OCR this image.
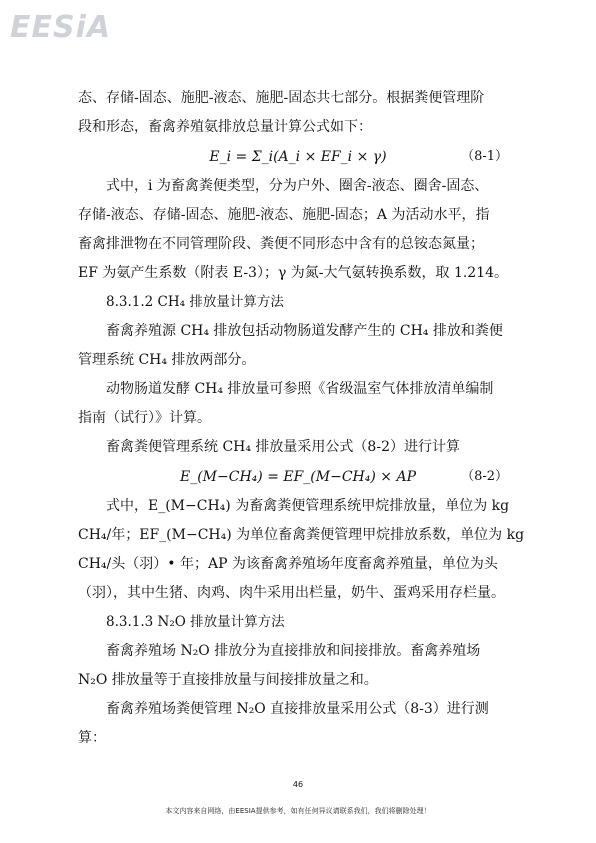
EESiA
态、存储-固态、施肥-液态、施肥-固态共七部分。根据粪便管理阶
段和形态，畜禽养殖氨排放总量计算公式如下：
E_i = Σ_i(A_i × EF_i × γ)	（8-1）
式中，i 为畜禽粪便类型，分为户外、圈舍-液态、圈舍-固态、
存储-液态、存储-固态、施肥-液态、施肥-固态；A 为活动水平，指
畜禽排泄物在不同管理阶段、粪便不同形态中含有的总铵态氮量；
EF 为氨产生系数（附表 E-3）；γ 为氮-大气氨转换系数，取 1.214。
8.3.1.2 CH₄ 排放量计算方法
畜禽养殖源 CH₄ 排放包括动物肠道发酵产生的 CH₄ 排放和粪便
管理系统 CH₄ 排放两部分。
动物肠道发酵 CH₄ 排放量可参照《省级温室气体排放清单编制
指南（试行）》计算。
畜禽粪便管理系统 CH₄ 排放量采用公式（8-2）进行计算
E_(M−CH₄) = EF_(M−CH₄) × AP	（8-2）
式中，E_(M−CH₄) 为畜禽粪便管理系统甲烷排放量，单位为 kg
CH₄/年；EF_(M−CH₄) 为单位畜禽粪便管理甲烷排放系数，单位为 kg
CH₄/头（羽）• 年；AP 为该畜禽养殖场年度畜禽养殖量，单位为头
（羽），其中生猪、肉鸡、肉牛采用出栏量，奶牛、蛋鸡采用存栏量。
8.3.1.3 N₂O 排放量计算方法
畜禽养殖场 N₂O 排放分为直接排放和间接排放。畜禽养殖场
N₂O 排放量等于直接排放量与间接排放量之和。
畜禽养殖场粪便管理 N₂O 直接排放量采用公式（8-3）进行测
算：
46
本文内容来自网络，由EESIA提供参考，如有任何异议请联系我们，我们将删除处理！
